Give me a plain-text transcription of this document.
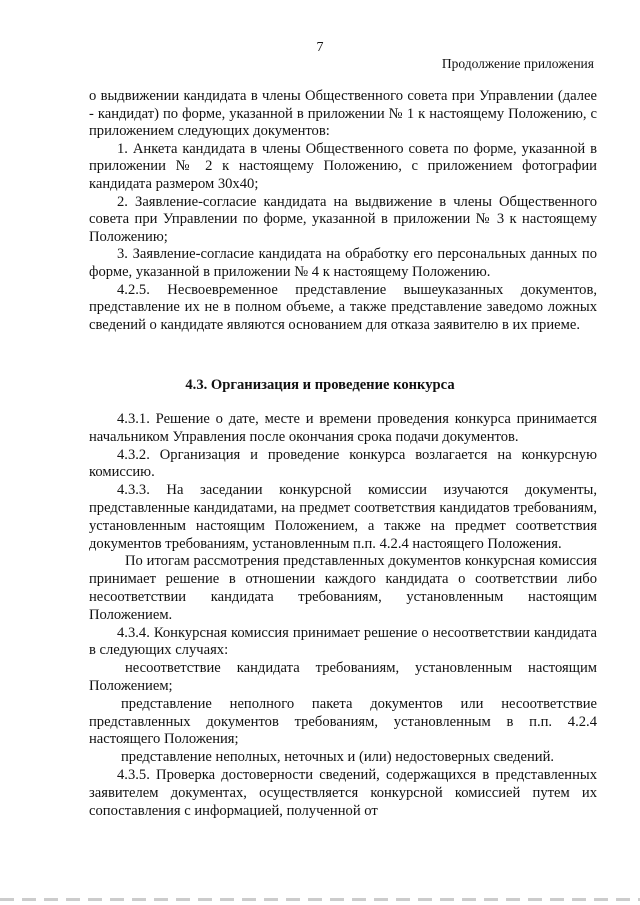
7
Продолжение приложения

о выдвижении кандидата в члены Общественного совета при Управлении (далее - кандидат) по форме, указанной в приложении № 1 к настоящему Положению, с приложением следующих документов:

1. Анкета кандидата в члены Общественного совета по форме, указанной в приложении № 2 к настоящему Положению, с приложением фотографии кандидата размером 30х40;

2. Заявление-согласие кандидата на выдвижение в члены Общественного совета при Управлении по форме, указанной в приложении № 3 к настоящему Положению;

3. Заявление-согласие кандидата на обработку его персональных данных по форме, указанной в приложении № 4 к настоящему Положению.

4.2.5. Несвоевременное представление вышеуказанных документов, представление их не в полном объеме, а также представление заведомо ложных сведений о кандидате являются основанием для отказа заявителю в их приеме.

4.3. Организация и проведение конкурса

4.3.1. Решение о дате, месте и времени проведения конкурса принимается начальником Управления после окончания срока подачи документов.

4.3.2. Организация и проведение конкурса возлагается на конкурсную комиссию.

4.3.3. На заседании конкурсной комиссии изучаются документы, представленные кандидатами, на предмет соответствия кандидатов требованиям, установленным настоящим Положением, а также на предмет соответствия документов требованиям, установленным п.п. 4.2.4 настоящего Положения.

По итогам рассмотрения представленных документов конкурсная комиссия принимает решение в отношении каждого кандидата о соответствии либо несоответствии кандидата требованиям, установленным настоящим Положением.

4.3.4. Конкурсная комиссия принимает решение о несоответствии кандидата в следующих случаях:

несоответствие кандидата требованиям, установленным настоящим Положением;

представление неполного пакета документов или несоответствие представленных документов требованиям, установленным в п.п. 4.2.4 настоящего Положения;

представление неполных, неточных и (или) недостоверных сведений.

4.3.5. Проверка достоверности сведений, содержащихся в представленных заявителем документах, осуществляется конкурсной комиссией путем их сопоставления с информацией, полученной от
